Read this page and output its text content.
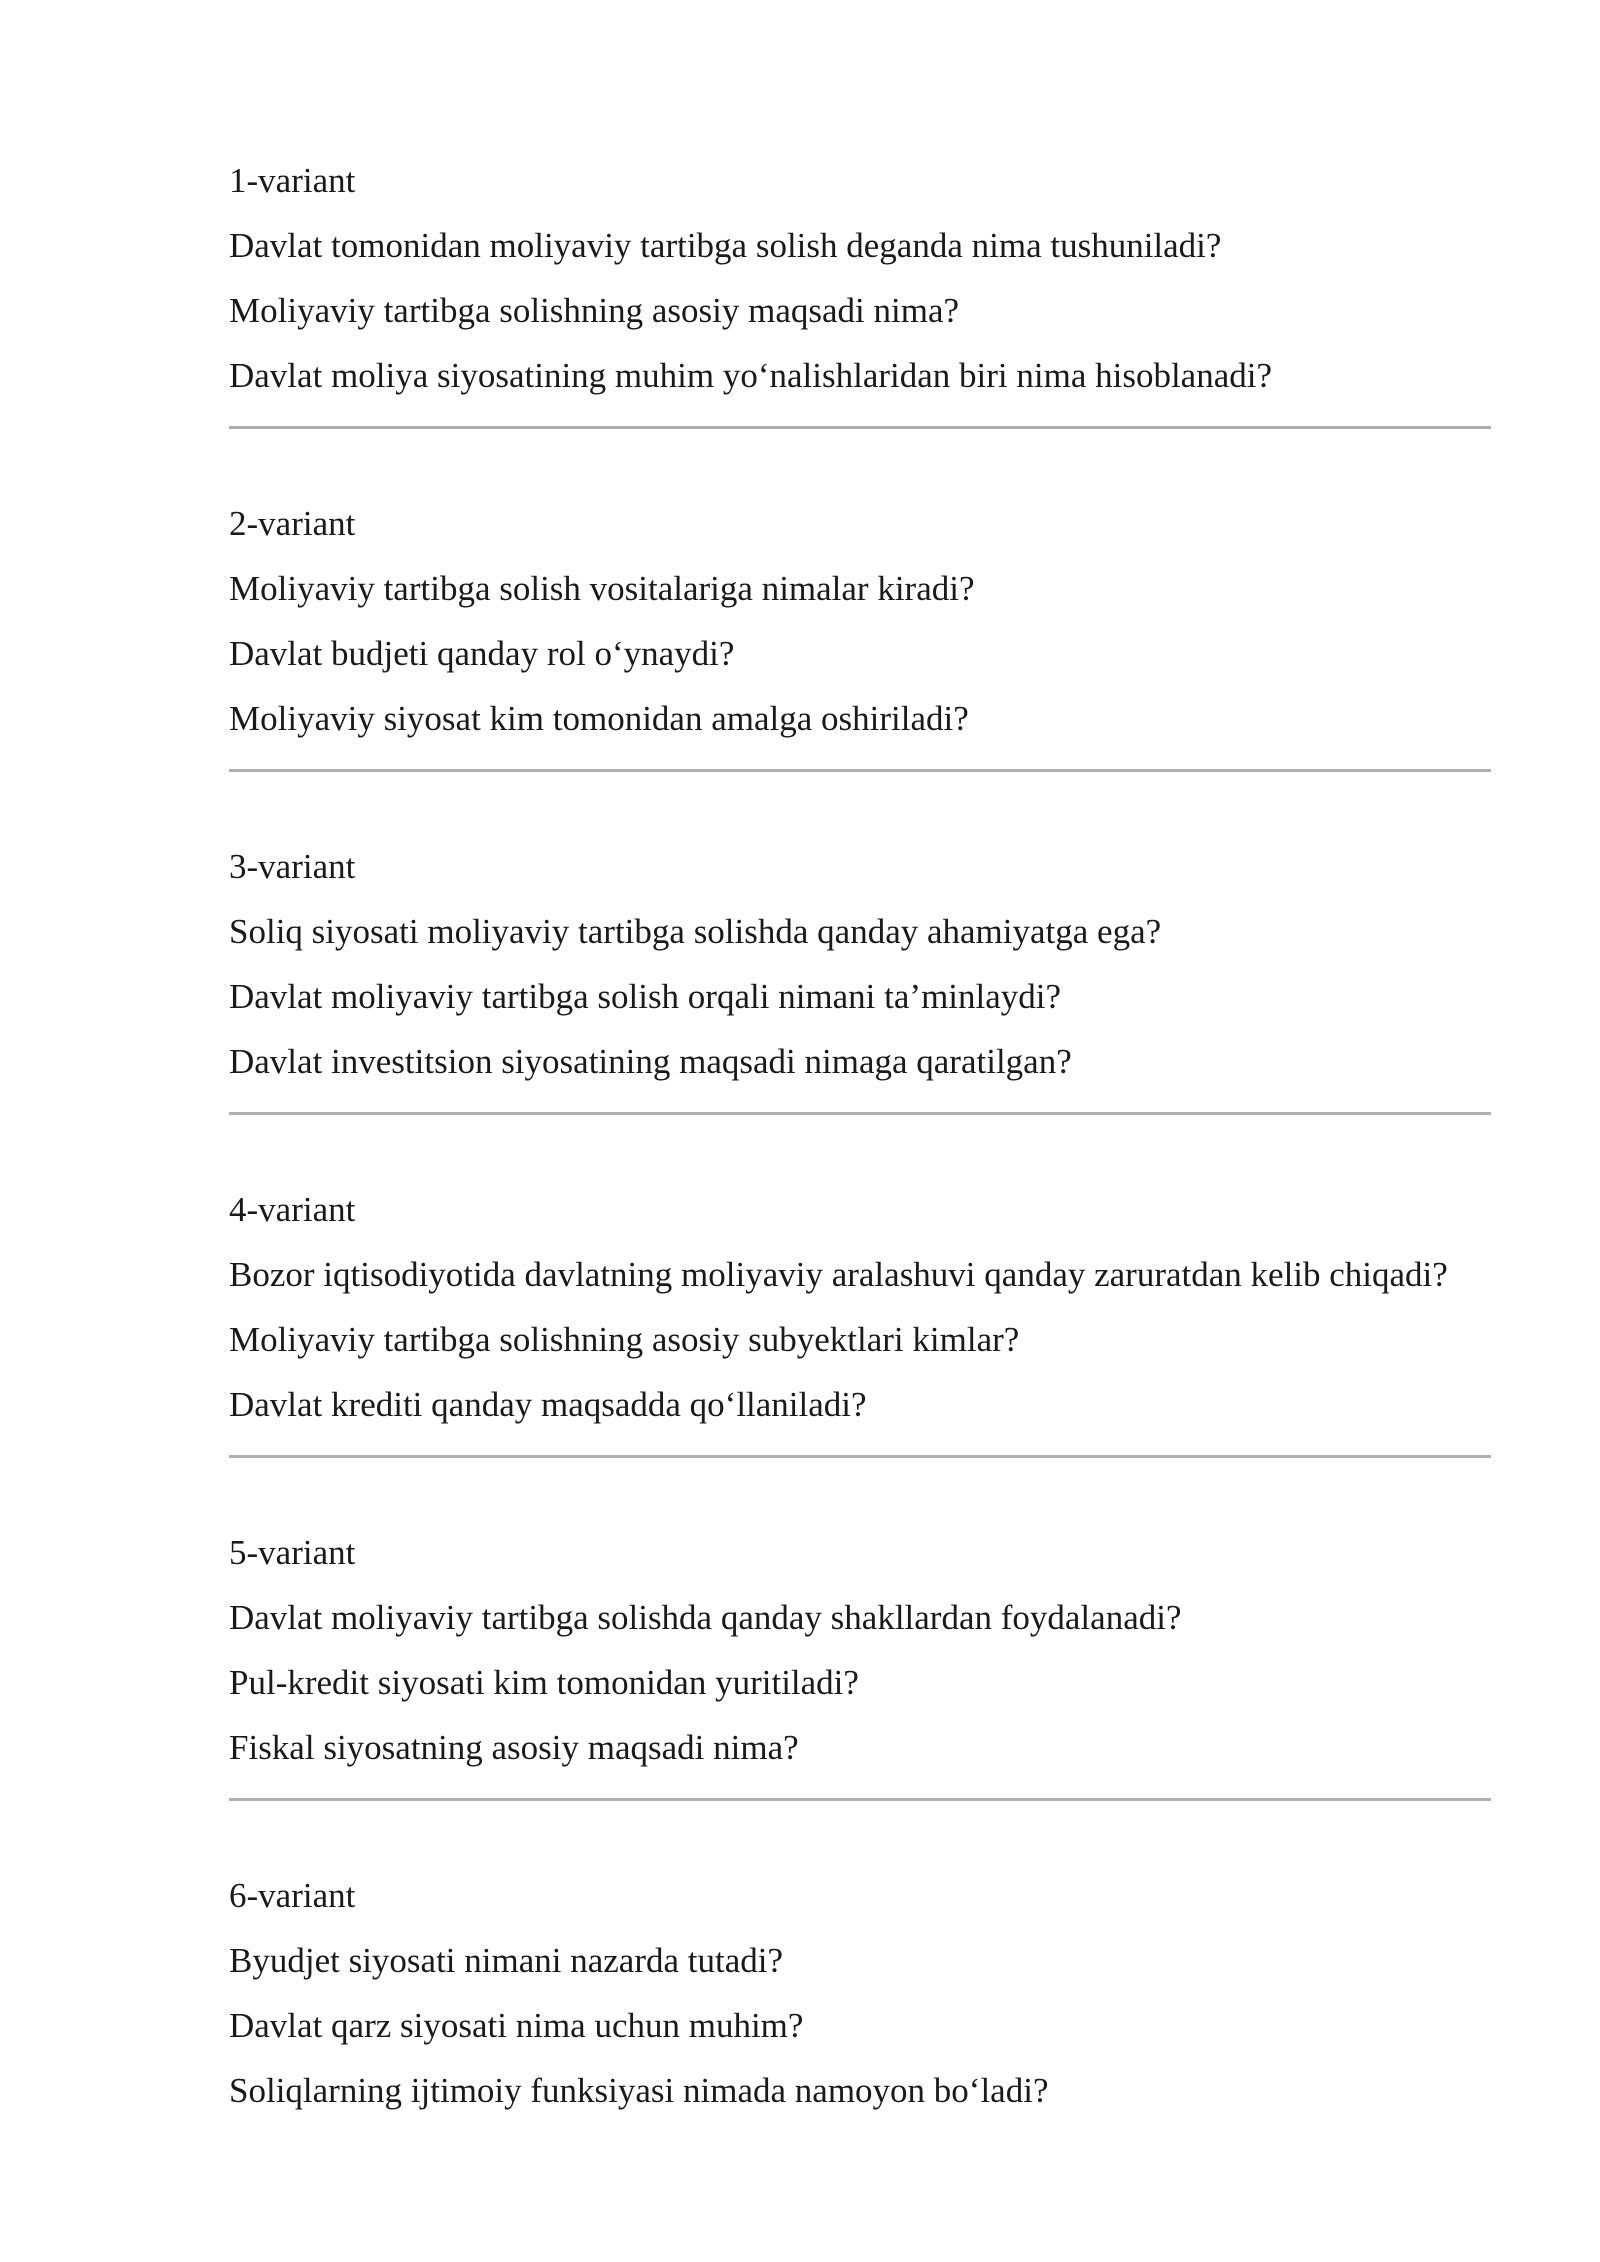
1-variant
Davlat tomonidan moliyaviy tartibga solish deganda nima tushuniladi?
Moliyaviy tartibga solishning asosiy maqsadi nima?
Davlat moliya siyosatining muhim yo‘nalishlaridan biri nima hisoblanadi?
2-variant
Moliyaviy tartibga solish vositalariga nimalar kiradi?
Davlat budjeti qanday rol o‘ynaydi?
Moliyaviy siyosat kim tomonidan amalga oshiriladi?
3-variant
Soliq siyosati moliyaviy tartibga solishda qanday ahamiyatga ega?
Davlat moliyaviy tartibga solish orqali nimani ta’minlaydi?
Davlat investitsion siyosatining maqsadi nimaga qaratilgan?
4-variant
Bozor iqtisodiyotida davlatning moliyaviy aralashuvi qanday zaruratdan kelib chiqadi?
Moliyaviy tartibga solishning asosiy subyektlari kimlar?
Davlat krediti qanday maqsadda qo‘llaniladi?
5-variant
Davlat moliyaviy tartibga solishda qanday shakllardan foydalanadi?
Pul-kredit siyosati kim tomonidan yuritiladi?
Fiskal siyosatning asosiy maqsadi nima?
6-variant
Byudjet siyosati nimani nazarda tutadi?
Davlat qarz siyosati nima uchun muhim?
Soliqlarning ijtimoiy funksiyasi nimada namoyon bo‘ladi?
